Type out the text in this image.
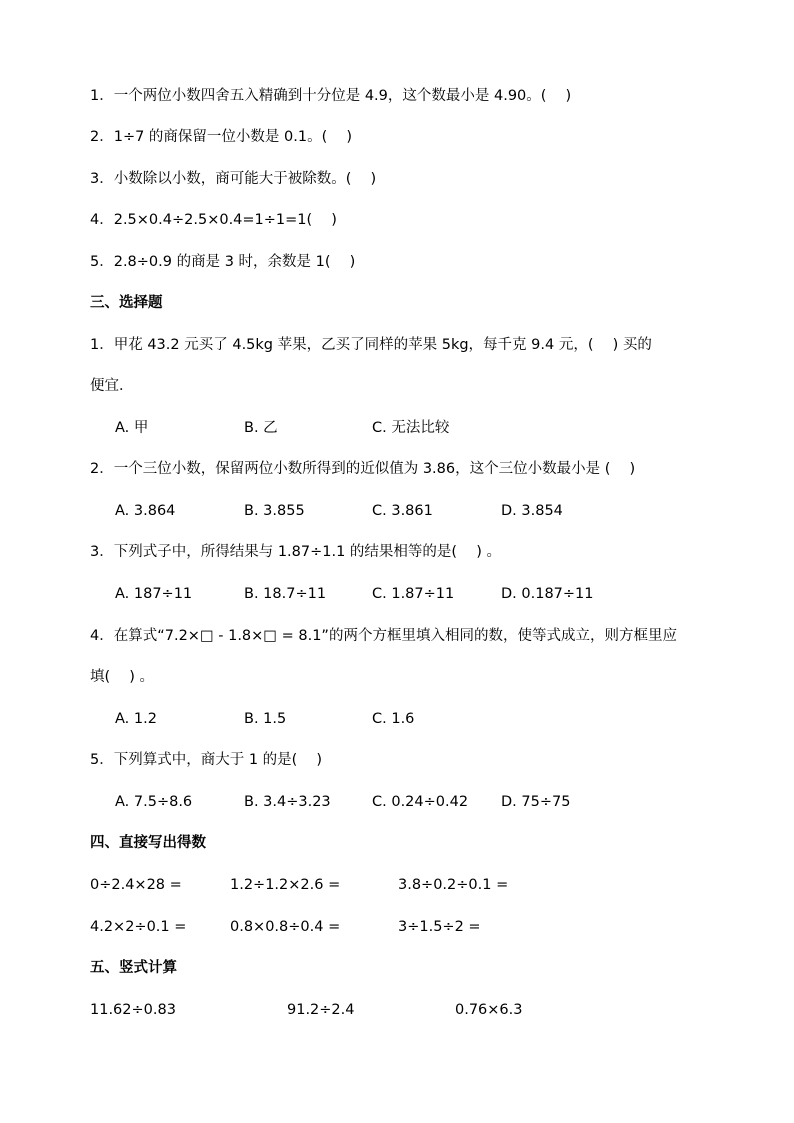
1．一个两位小数四舍五入精确到十分位是 4.9，这个数最小是 4.90。(　 )
2．1÷7 的商保留一位小数是 0.1。(　 )
3．小数除以小数，商可能大于被除数。(　 )
4．2.5×0.4÷2.5×0.4=1÷1=1(　 )
5．2.8÷0.9 的商是 3 时，余数是 1(　 )
三、选择题
1．甲花 43.2 元买了 4.5kg 苹果，乙买了同样的苹果 5kg，每千克 9.4 元，(　 ) 买的
便宜．
A. 甲	B. 乙	C. 无法比较
2．一个三位小数，保留两位小数所得到的近似值为 3.86，这个三位小数最小是 (　 )
A. 3.864	B. 3.855	C. 3.861	D. 3.854
3．下列式子中，所得结果与 1.87÷1.1 的结果相等的是(　 ) 。
A. 187÷11	B. 18.7÷11	C. 1.87÷11	D. 0.187÷11
4．在算式“7.2×□ - 1.8×□ = 8.1”的两个方框里填入相同的数，使等式成立，则方框里应
填(　 ) 。
A. 1.2	B. 1.5	C. 1.6
5．下列算式中，商大于 1 的是(　 )
A. 7.5÷8.6	B. 3.4÷3.23	C. 0.24÷0.42 D. 75÷75
四、直接写出得数
0÷2.4×28 =	1.2÷1.2×2.6 =	3.8÷0.2÷0.1 =
4.2×2÷0.1 =	0.8×0.8÷0.4 =	3÷1.5÷2 =
五、竖式计算
11.62÷0.83	91.2÷2.4	0.76×6.3
